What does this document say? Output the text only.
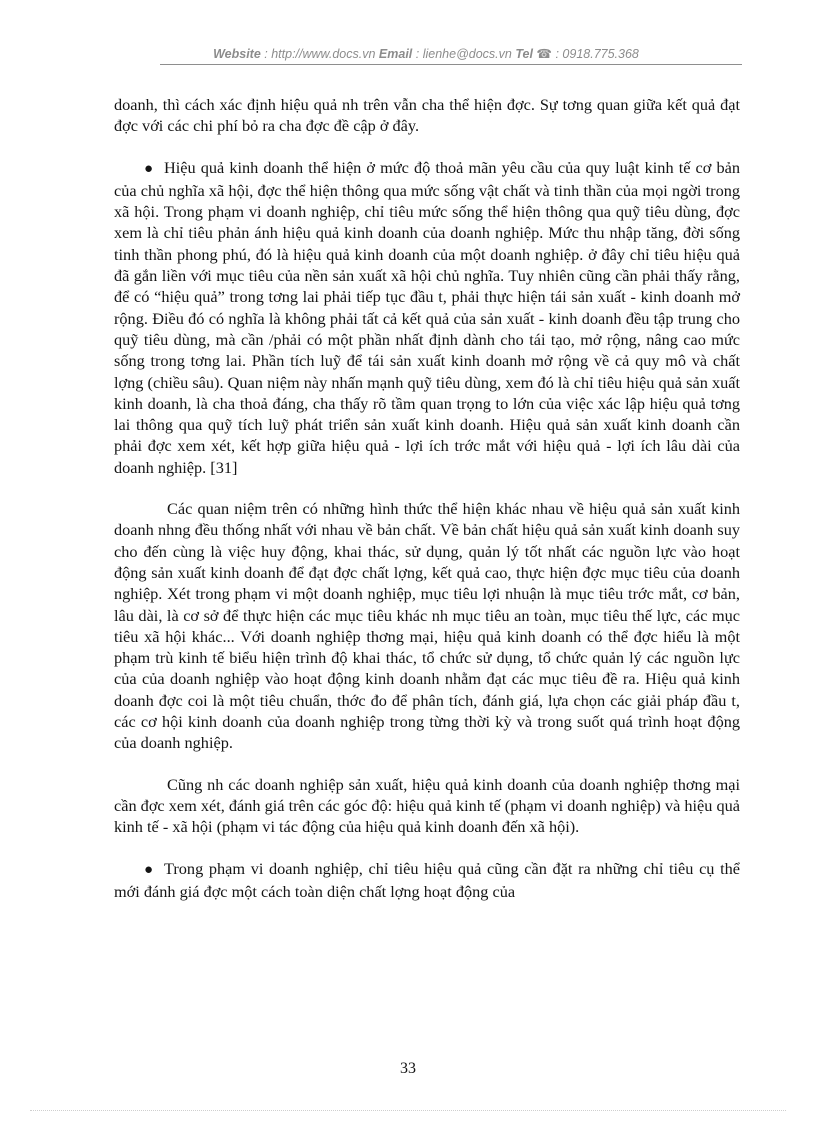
Website : http://www.docs.vn Email : lienhe@docs.vn Tel ☎ : 0918.775.368

doanh, thì cách xác định hiệu quả nh trên vẫn cha thể hiện đợc. Sự tơng quan giữa kết quả đạt đợc với các chi phí bỏ ra cha đợc đề cập ở đây.

● Hiệu quả kinh doanh thể hiện ở mức độ thoả mãn yêu cầu của quy luật kinh tế cơ bản của chủ nghĩa xã hội, đợc thể hiện thông qua mức sống vật chất và tinh thần của mọi ngời trong xã hội. Trong phạm vi doanh nghiệp, chỉ tiêu mức sống thể hiện thông qua quỹ tiêu dùng, đợc xem là chỉ tiêu phản ánh hiệu quả kinh doanh của doanh nghiệp. Mức thu nhập tăng, đời sống tinh thần phong phú, đó là hiệu quả kinh doanh của một doanh nghiệp. ở đây chỉ tiêu hiệu quả đã gắn liền với mục tiêu của nền sản xuất xã hội chủ nghĩa. Tuy nhiên cũng cần phải thấy rằng, để có “hiệu quả” trong tơng lai phải tiếp tục đầu t, phải thực hiện tái sản xuất - kinh doanh mở rộng. Điều đó có nghĩa là không phải tất cả kết quả của sản xuất - kinh doanh đều tập trung cho quỹ tiêu dùng, mà cần /phải có một phần nhất định dành cho tái tạo, mở rộng, nâng cao mức sống trong tơng lai. Phần tích luỹ để tái sản xuất kinh doanh mở rộng về cả quy mô và chất lợng (chiều sâu). Quan niệm này nhấn mạnh quỹ tiêu dùng, xem đó là chỉ tiêu hiệu quả sản xuất kinh doanh, là cha thoả đáng, cha thấy rõ tầm quan trọng to lớn của việc xác lập hiệu quả tơng lai thông qua quỹ tích luỹ phát triển sản xuất kinh doanh. Hiệu quả sản xuất kinh doanh cần phải đợc xem xét, kết hợp giữa hiệu quả - lợi ích trớc mắt với hiệu quả - lợi ích lâu dài của doanh nghiệp. [31]

Các quan niệm trên có những hình thức thể hiện khác nhau về hiệu quả sản xuất kinh doanh nhng đều thống nhất với nhau về bản chất. Về bản chất hiệu quả sản xuất kinh doanh suy cho đến cùng là việc huy động, khai thác, sử dụng, quản lý tốt nhất các nguồn lực vào hoạt động sản xuất kinh doanh để đạt đợc chất lợng, kết quả cao, thực hiện đợc mục tiêu của doanh nghiệp. Xét trong phạm vi một doanh nghiệp, mục tiêu lợi nhuận là mục tiêu trớc mắt, cơ bản, lâu dài, là cơ sở để thực hiện các mục tiêu khác nh mục tiêu an toàn, mục tiêu thế lực, các mục tiêu xã hội khác... Với doanh nghiệp thơng mại, hiệu quả kinh doanh có thể đợc hiểu là một phạm trù kinh tế biểu hiện trình độ khai thác, tổ chức sử dụng, tổ chức quản lý các nguồn lực của của doanh nghiệp vào hoạt động kinh doanh nhằm đạt các mục tiêu đề ra. Hiệu quả kinh doanh đợc coi là một tiêu chuẩn, thớc đo để phân tích, đánh giá, lựa chọn các giải pháp đầu t, các cơ hội kinh doanh của doanh nghiệp trong từng thời kỳ và trong suốt quá trình hoạt động của doanh nghiệp.

Cũng nh các doanh nghiệp sản xuất, hiệu quả kinh doanh của doanh nghiệp thơng mại cần đợc xem xét, đánh giá trên các góc độ: hiệu quả kinh tế (phạm vi doanh nghiệp) và hiệu quả kinh tế - xã hội (phạm vi tác động của hiệu quả kinh doanh đến xã hội).

● Trong phạm vi doanh nghiệp, chỉ tiêu hiệu quả cũng cần đặt ra những chỉ tiêu cụ thể mới đánh giá đợc một cách toàn diện chất lợng hoạt động của

33
